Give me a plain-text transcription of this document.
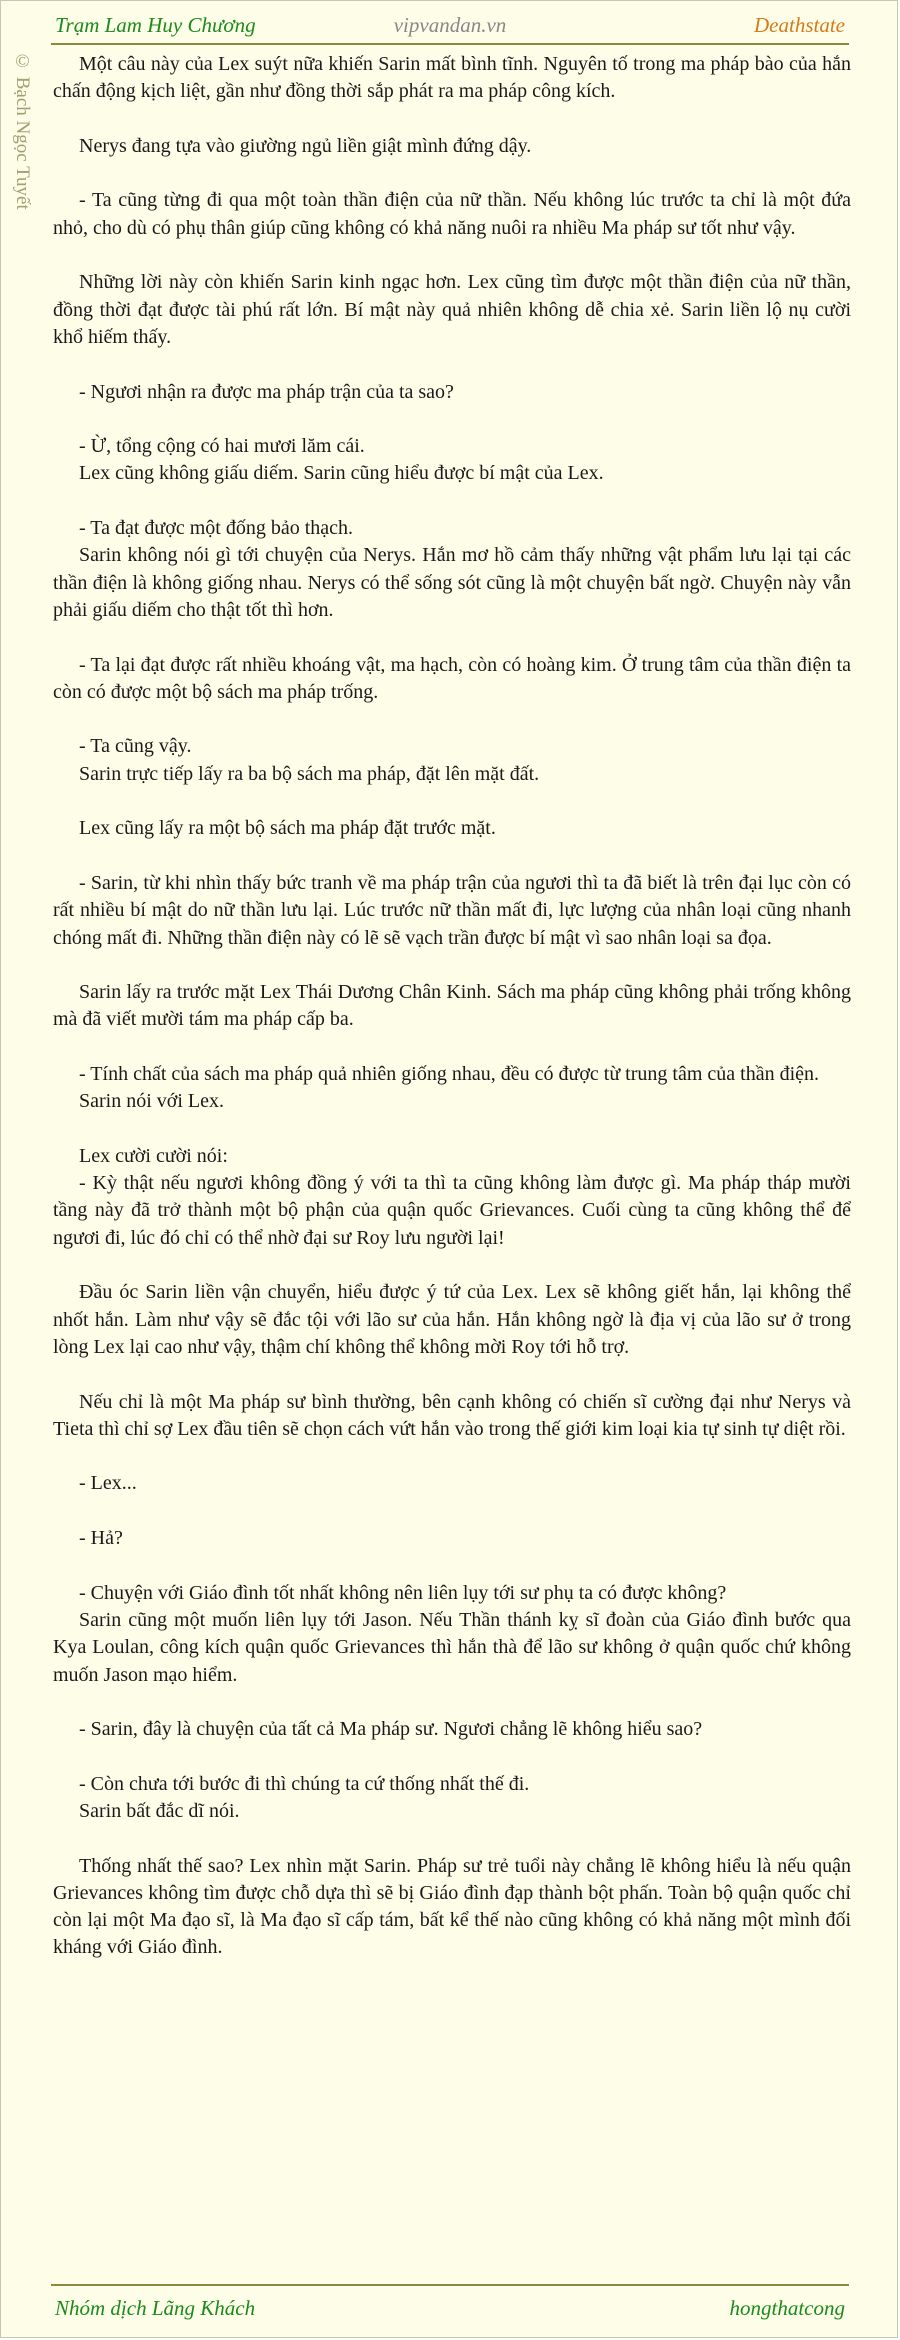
Trạm Lam Huy Chương	vipvandan.vn	Deathstate
© Bạch Ngọc Tuyết	Một câu này của Lex suýt nữa khiến Sarin mất bình tĩnh. Nguyên tố trong ma pháp bào của hắn chấn động kịch liệt, gần như đồng thời sắp phát ra ma pháp công kích.

Nerys đang tựa vào giường ngủ liền giật mình đứng dậy.

- Ta cũng từng đi qua một toàn thần điện của nữ thần. Nếu không lúc trước ta chỉ là một đứa nhỏ, cho dù có phụ thân giúp cũng không có khả năng nuôi ra nhiều Ma pháp sư tốt như vậy.

Những lời này còn khiến Sarin kinh ngạc hơn. Lex cũng tìm được một thần điện của nữ thần, đồng thời đạt được tài phú rất lớn. Bí mật này quả nhiên không dễ chia xẻ. Sarin liền lộ nụ cười khổ hiếm thấy.

- Ngươi nhận ra được ma pháp trận của ta sao?

- Ừ, tổng cộng có hai mươi lăm cái.
Lex cũng không giấu diếm. Sarin cũng hiểu được bí mật của Lex.

- Ta đạt được một đống bảo thạch.
Sarin không nói gì tới chuyện của Nerys. Hắn mơ hồ cảm thấy những vật phẩm lưu lại tại các thần điện là không giống nhau. Nerys có thể sống sót cũng là một chuyện bất ngờ. Chuyện này vẫn phải giấu diếm cho thật tốt thì hơn.

- Ta lại đạt được rất nhiều khoáng vật, ma hạch, còn có hoàng kim. Ở trung tâm của thần điện ta còn có được một bộ sách ma pháp trống.

- Ta cũng vậy.
Sarin trực tiếp lấy ra ba bộ sách ma pháp, đặt lên mặt đất.

Lex cũng lấy ra một bộ sách ma pháp đặt trước mặt.

- Sarin, từ khi nhìn thấy bức tranh về ma pháp trận của ngươi thì ta đã biết là trên đại lục còn có rất nhiều bí mật do nữ thần lưu lại. Lúc trước nữ thần mất đi, lực lượng của nhân loại cũng nhanh chóng mất đi. Những thần điện này có lẽ sẽ vạch trần được bí mật vì sao nhân loại sa đọa.

Sarin lấy ra trước mặt Lex Thái Dương Chân Kinh. Sách ma pháp cũng không phải trống không mà đã viết mười tám ma pháp cấp ba.

- Tính chất của sách ma pháp quả nhiên giống nhau, đều có được từ trung tâm của thần điện.
Sarin nói với Lex.

Lex cười cười nói:
- Kỳ thật nếu ngươi không đồng ý với ta thì ta cũng không làm được gì. Ma pháp tháp mười tầng này đã trở thành một bộ phận của quận quốc Grievances. Cuối cùng ta cũng không thể để ngươi đi, lúc đó chỉ có thể nhờ đại sư Roy lưu người lại!

Đầu óc Sarin liền vận chuyển, hiểu được ý tứ của Lex. Lex sẽ không giết hắn, lại không thể nhốt hắn. Làm như vậy sẽ đắc tội với lão sư của hắn. Hắn không ngờ là địa vị của lão sư ở trong lòng Lex lại cao như vậy, thậm chí không thể không mời Roy tới hỗ trợ.

Nếu chỉ là một Ma pháp sư bình thường, bên cạnh không có chiến sĩ cường đại như Nerys và Tieta thì chỉ sợ Lex đầu tiên sẽ chọn cách vứt hắn vào trong thế giới kim loại kia tự sinh tự diệt rồi.

- Lex...

- Hả?

- Chuyện với Giáo đình tốt nhất không nên liên lụy tới sư phụ ta có được không?
Sarin cũng một muốn liên lụy tới Jason. Nếu Thần thánh kỵ sĩ đoàn của Giáo đình bước qua Kya Loulan, công kích quận quốc Grievances thì hắn thà để lão sư không ở quận quốc chứ không muốn Jason mạo hiểm.

- Sarin, đây là chuyện của tất cả Ma pháp sư. Ngươi chẳng lẽ không hiểu sao?

- Còn chưa tới bước đi thì chúng ta cứ thống nhất thế đi.
Sarin bất đắc dĩ nói.

Thống nhất thế sao? Lex nhìn mặt Sarin. Pháp sư trẻ tuổi này chẳng lẽ không hiểu là nếu quận Grievances không tìm được chỗ dựa thì sẽ bị Giáo đình đạp thành bột phấn. Toàn bộ quận quốc chỉ còn lại một Ma đạo sĩ, là Ma đạo sĩ cấp tám, bất kể thế nào cũng không có khả năng một mình đối kháng với Giáo đình.

Nhóm dịch Lãng Khách	hongthatcong
